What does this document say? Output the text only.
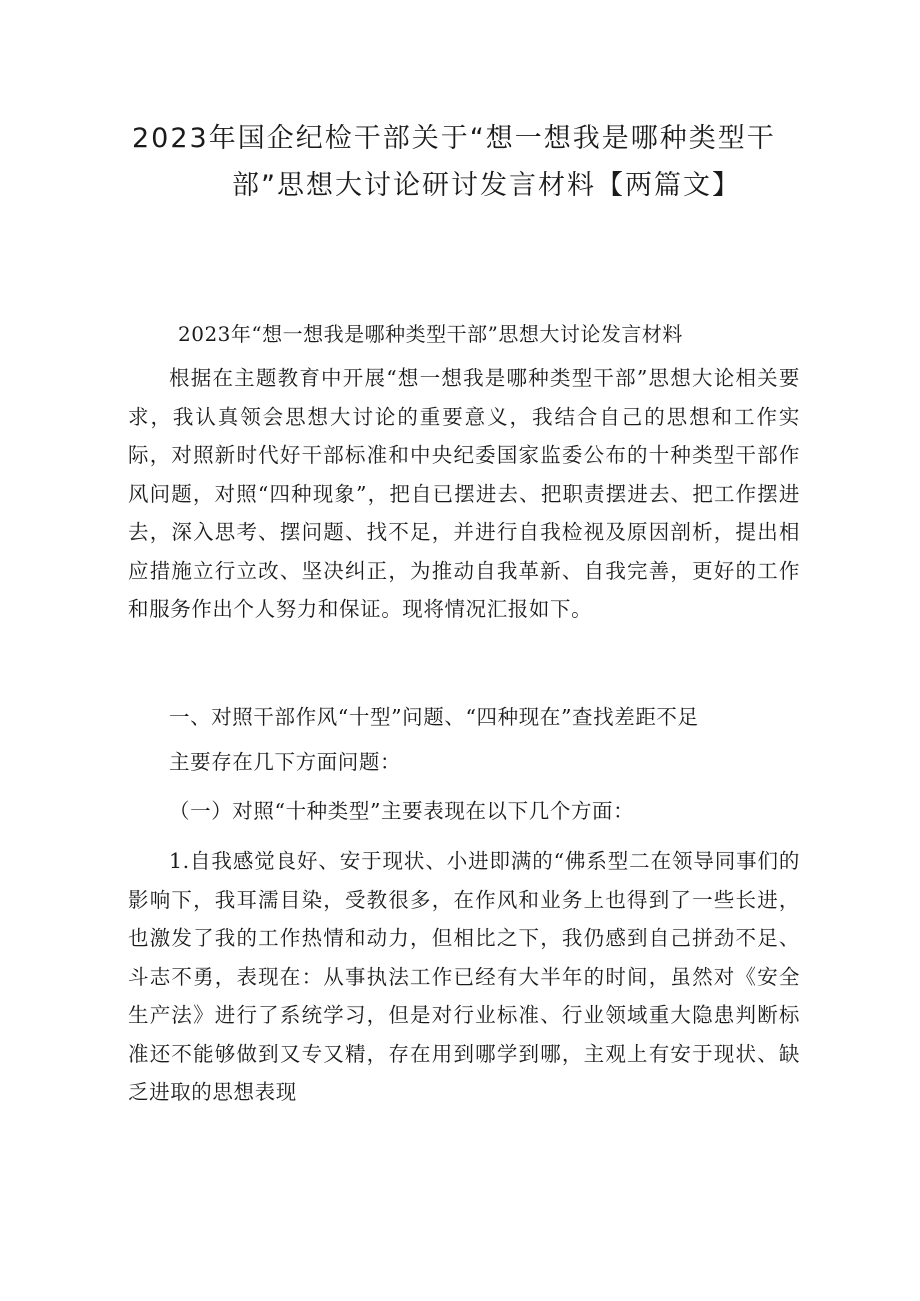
2023年国企纪检干部关于“想一想我是哪种类型干
部”思想大讨论研讨发言材料【两篇文】
2023年“想一想我是哪种类型干部”思想大讨论发言材料

根据在主题教育中开展“想一想我是哪种类型干部”思想大论相关要求，我认真领会思想大讨论的重要意义，我结合自己的思想和工作实际，对照新时代好干部标准和中央纪委国家监委公布的十种类型干部作风问题，对照“四种现象”，把自已摆进去、把职责摆进去、把工作摆进去，深入思考、摆问题、找不足，并进行自我检视及原因剖析，提出相应措施立行立改、坚决纠正，为推动自我革新、自我完善，更好的工作和服务作出个人努力和保证。现将情况汇报如下。

一、对照干部作风“十型”问题、“四种现在”查找差距不足

主要存在几下方面问题：

（一）对照“十种类型”主要表现在以下几个方面：

1.自我感觉良好、安于现状、小进即满的“佛系型二在领导同事们的影响下，我耳濡目染，受教很多，在作风和业务上也得到了一些长进，也激发了我的工作热情和动力，但相比之下，我仍感到自己拼劲不足、斗志不勇，表现在：从事执法工作已经有大半年的时间，虽然对《安全生产法》进行了系统学习，但是对行业标准、行业领域重大隐患判断标准还不能够做到又专又精，存在用到哪学到哪，主观上有安于现状、缺乏进取的思想表现
